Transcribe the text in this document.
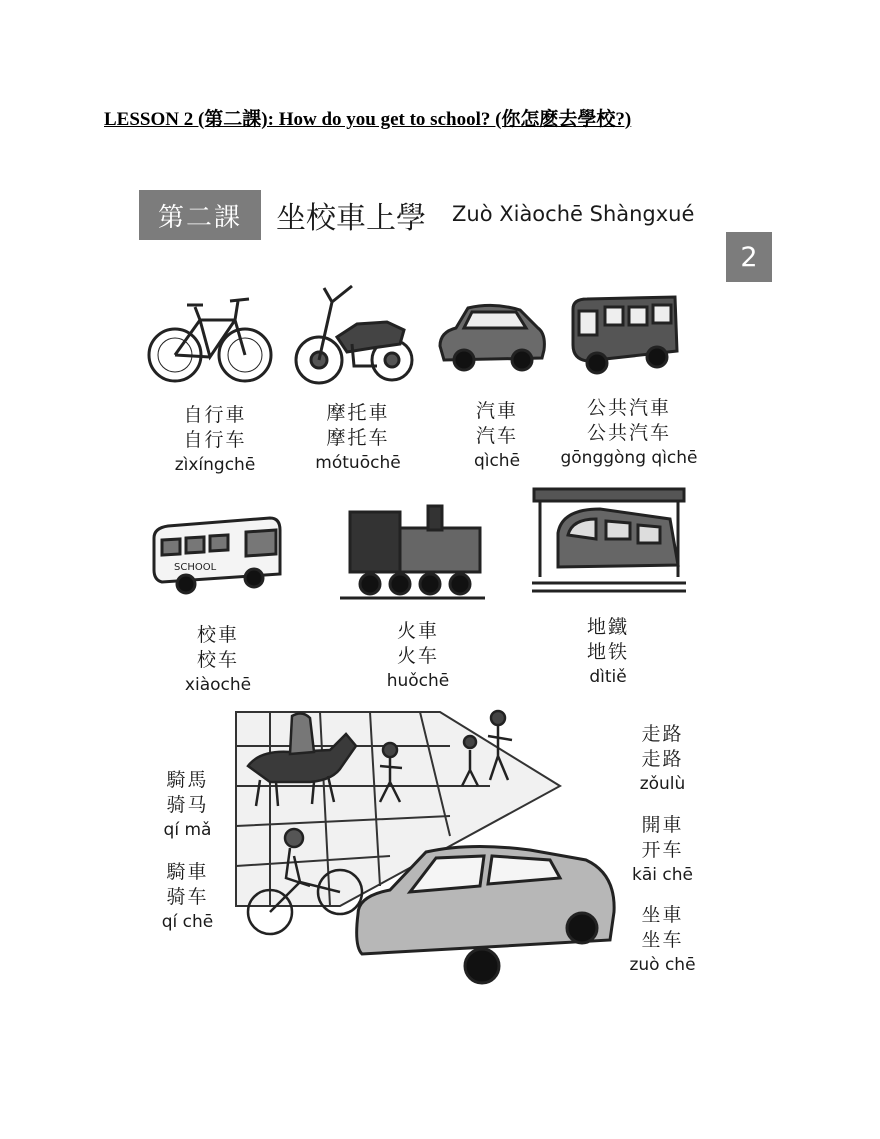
LESSON 2 (第二課): How do you get to school? (你怎麽去學校?)
第二課	坐校車上學 Zuò Xiàochē Shàngxué
2
自行車
自行车
zìxíngchē
摩托車
摩托车
mótuōchē
汽車
汽车
qìchē
公共汽車
公共汽车
gōnggòng qìchē
SCHOOL
校車
校车
xiàochē
火車
火车
huǒchē
地鐵
地铁
dìtiě
騎馬
骑马
qí mǎ
騎車
骑车
qí chē
走路
走路
zǒulù
開車
开车
kāi chē
坐車
坐车
zuò chē
